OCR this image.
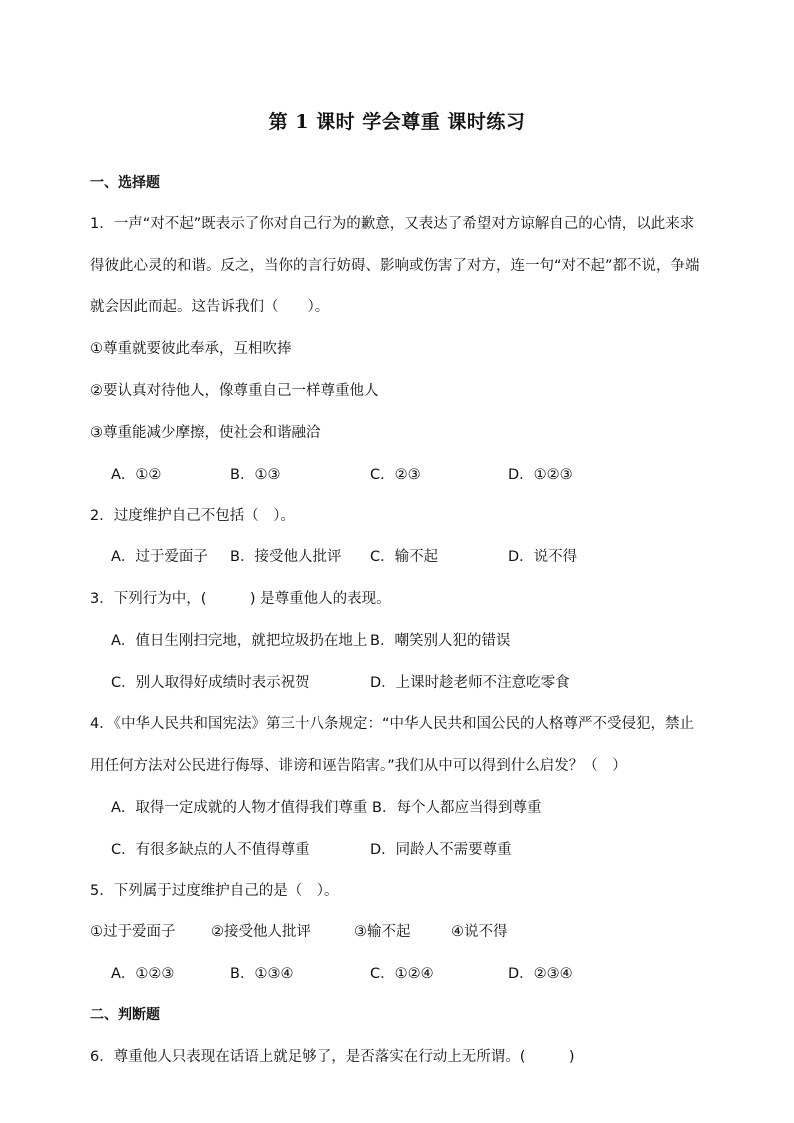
第 1 课时 学会尊重 课时练习
一、选择题
1．一声“对不起”既表示了你对自己行为的歉意，又表达了希望对方谅解自己的心情，以此来求
得彼此心灵的和谐。反之，当你的言行妨碍、影响或伤害了对方，连一句“对不起”都不说，争端
就会因此而起。这告诉我们（　　）。
①尊重就要彼此奉承，互相吹捧
②要认真对待他人，像尊重自己一样尊重他人
③尊重能减少摩擦，使社会和谐融洽
A．①②	B．①③	C．②③	D．①②③
2．过度维护自己不包括（　）。
A．过于爱面子 B．接受他人批评 C．输不起	D．说不得
3．下列行为中，(　　　) 是尊重他人的表现。
A．值日生刚扫完地，就把垃圾扔在地上 B．嘲笑别人犯的错误
C．别人取得好成绩时表示祝贺	D．上课时趁老师不注意吃零食
4．《中华人民共和国宪法》第三十八条规定：“中华人民共和国公民的人格尊严不受侵犯，禁止
用任何方法对公民进行侮辱、诽谤和诬告陷害。”我们从中可以得到什么启发？（　）
A．取得一定成就的人物才值得我们尊重 B．每个人都应当得到尊重
C．有很多缺点的人不值得尊重	D．同龄人不需要尊重
5．下列属于过度维护自己的是（　）。
①过于爱面子 ②接受他人批评	③输不起	④说不得
A．①②③	B．①③④	C．①②④	D．②③④
二、判断题
6．尊重他人只表现在话语上就足够了，是否落实在行动上无所谓。(　　　)
